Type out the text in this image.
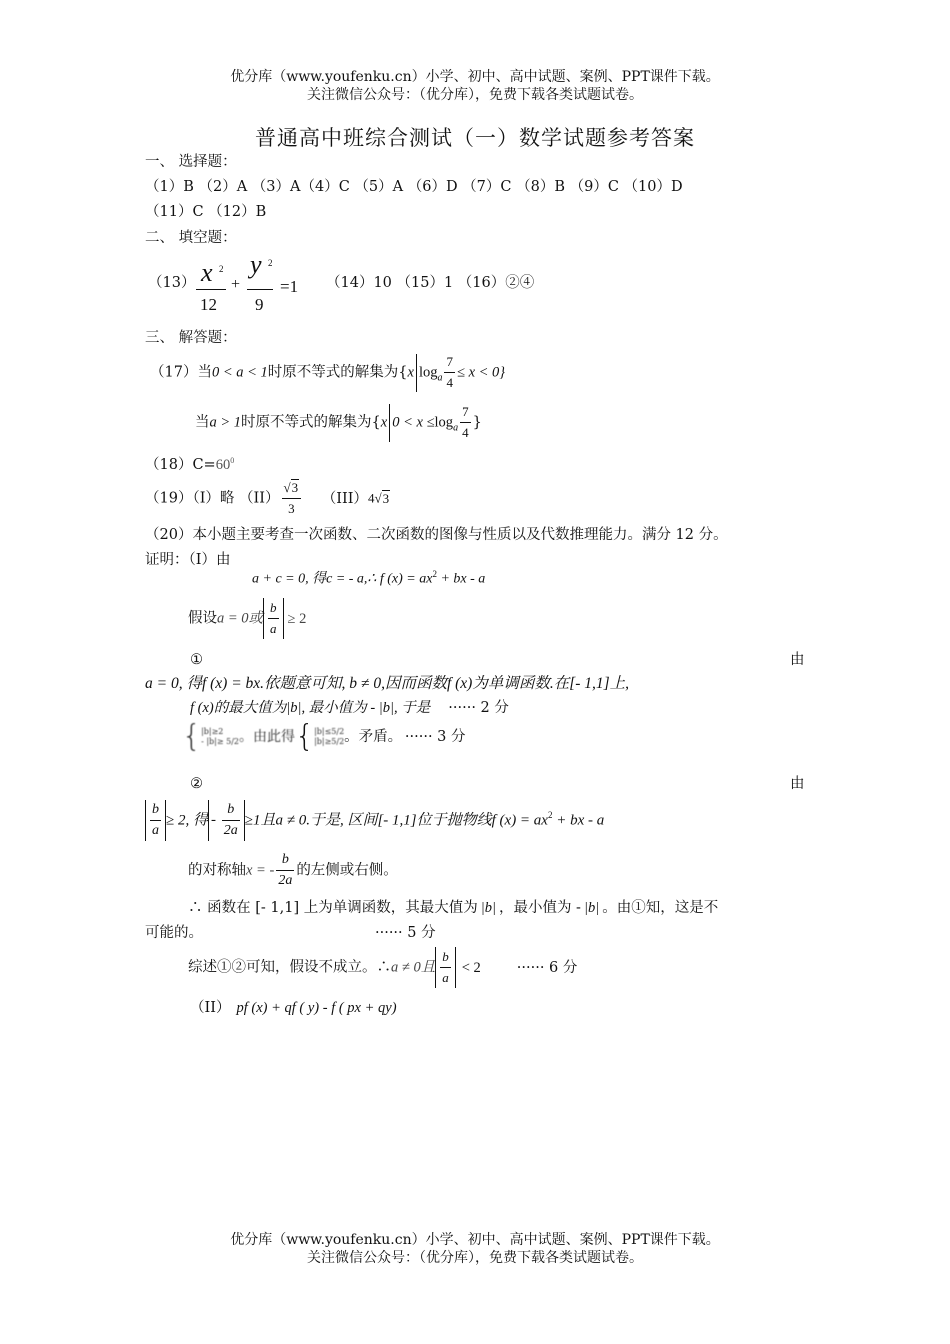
优分库（www.youfenku.cn）小学、初中、高中试题、案例、PPT课件下载。
关注微信公众号：（优分库），免费下载各类试题试卷。
普通高中班综合测试（一）数学试题参考答案
一、 选择题：
（1）B （2）A （3）A（4）C （5）A （6）D （7）C （8）B （9）C （10）D
（11）C （12）B
二、 填空题：
（13） x 2
12
+
y 2
9
=1 （14）10 （15）1 （16）②④
三、 解答题：
（17）当0 < a < 1时原不等式的解集为{x $\log_a \frac{7}{4} \le x < 0$}
当a > 1时原不等式的解集为{x $0 < x \le\log_a \frac{7}{4}$ }
$(18)C=60^0$
（19）（I）略 $(II) \frac{√3}{3} (III)4√3$
（20）本小题主要考查一次函数、二次函数的图像与性质以及代数推理能力。满分 12 分。
证明：（I）由
a + c = 0, 得c = - a,∴ f $(x) = ax^2$ + bx - a
假设a = 0或 $\frac{b}{a} \ge 2$
①	由
a = 0, 得f (x) = bx.依题意可知, b ≠ 0,因而函数f (x)为单调函数.在[- 1,1]上,
f (x)的最大值为|b|, 最小值为 - |b|, 于是 ······ 2 分
{ |b|≥2
- |b|≥ 5/2 。由此得{ |b|≤5/2
|b|≥5/2 。矛盾。 ······ 3 分
②	由
$\frac{b}{a} \ge 2$, 得 - $\frac{b}{2a} \ge 1$且a ≠ 0.于是, 区间[- 1,1]位于抛物线f $(x) = ax^2$ + bx - a
的对称轴x = - $\frac{b}{2a}$ 的左侧或右侧。
∴ 函数在 [- 1,1] 上为单调函数，其最大值为 |b| ，最小值为 - |b| 。由①知，这是不
可能的。	······ 5 分
综述①②可知，假设不成立。∴a ≠ 0且 $\frac{b}{a} < 2$ ······ 6 分
（II） pf (x) + qf ( y) - f ( px + qy)
优分库（www.youfenku.cn）小学、初中、高中试题、案例、PPT课件下载。
关注微信公众号：（优分库），免费下载各类试题试卷。
